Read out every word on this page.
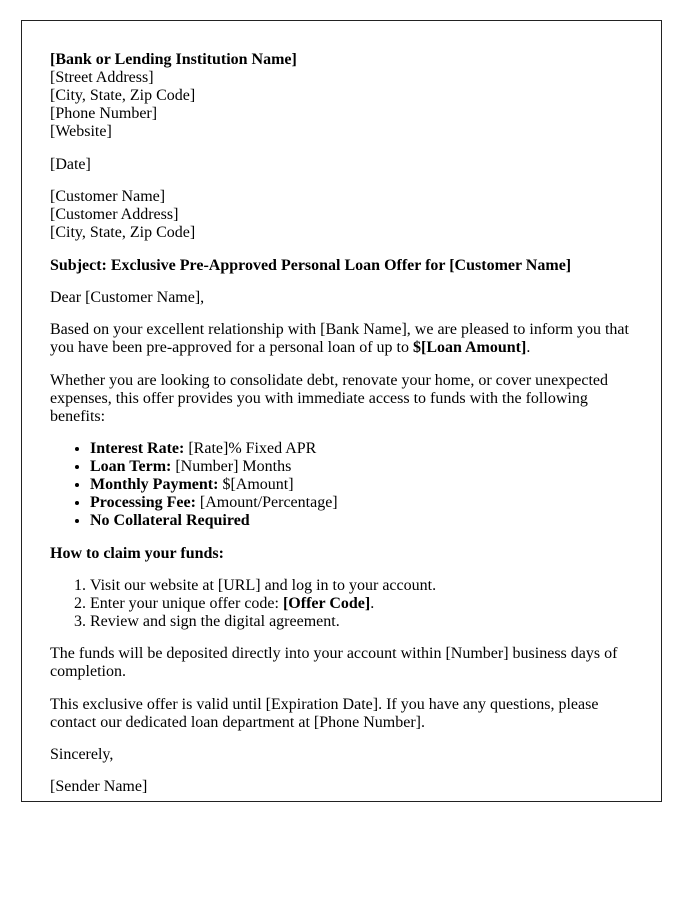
[Bank or Lending Institution Name]
[Street Address]
[City, State, Zip Code]
[Phone Number]
[Website]

[Date]

[Customer Name]
[Customer Address]
[City, State, Zip Code]

Subject: Exclusive Pre-Approved Personal Loan Offer for [Customer Name]

Dear [Customer Name],

Based on your excellent relationship with [Bank Name], we are pleased to inform you that you have been pre-approved for a personal loan of up to $[Loan Amount].

Whether you are looking to consolidate debt, renovate your home, or cover unexpected expenses, this offer provides you with immediate access to funds with the following benefits:

• Interest Rate: [Rate]% Fixed APR
• Loan Term: [Number] Months
• Monthly Payment: $[Amount]
• Processing Fee: [Amount/Percentage]
• No Collateral Required

How to claim your funds:

1. Visit our website at [URL] and log in to your account.
2. Enter your unique offer code: [Offer Code].
3. Review and sign the digital agreement.

The funds will be deposited directly into your account within [Number] business days of completion.

This exclusive offer is valid until [Expiration Date]. If you have any questions, please contact our dedicated loan department at [Phone Number].

Sincerely,

[Sender Name]
